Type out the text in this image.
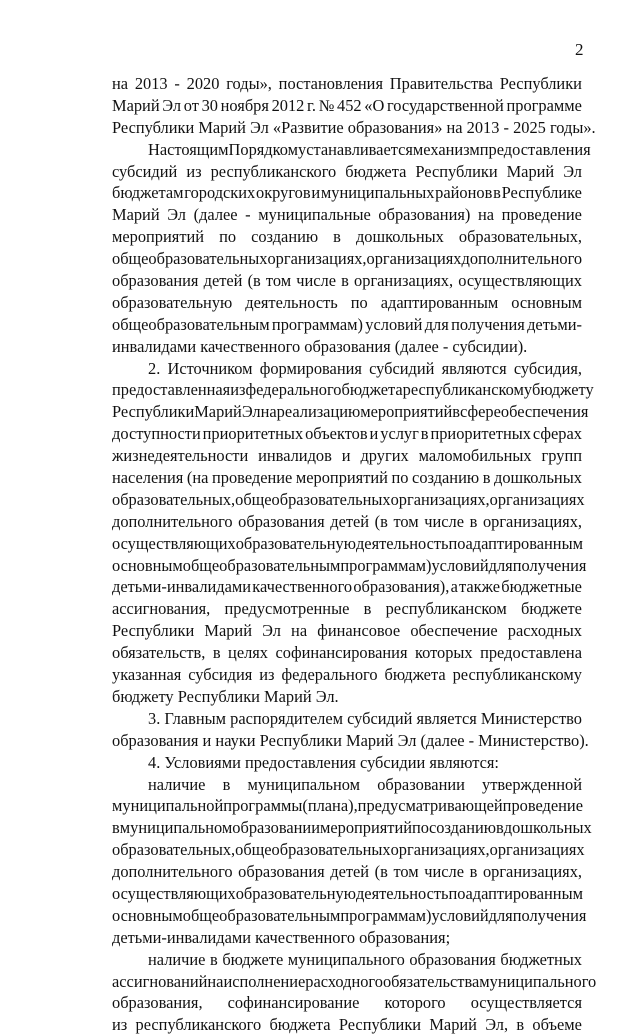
2
на 2013 - 2020 годы», постановления Правительства Республики
Марий Эл от 30 ноября 2012 г. № 452 «О государственной программе
Республики Марий Эл «Развитие образования» на 2013 - 2025 годы».
Настоящим Порядком устанавливается механизм предоставления
субсидий из республиканского бюджета Республики Марий Эл
бюджетам городских округов и муниципальных районов в Республике
Марий Эл (далее - муниципальные образования) на проведение
мероприятий по созданию в дошкольных образовательных,
общеобразовательных организациях, организациях дополнительного
образования детей (в том числе в организациях, осуществляющих
образовательную деятельность по адаптированным основным
общеобразовательным программам) условий для получения детьми-
инвалидами качественного образования (далее - субсидии).
2. Источником формирования субсидий являются субсидия,
предоставленная из федерального бюджета республиканскому бюджету
Республики Марий Эл на реализацию мероприятий в сфере обеспечения
доступности приоритетных объектов и услуг в приоритетных сферах
жизнедеятельности инвалидов и других маломобильных групп
населения (на проведение мероприятий по созданию в дошкольных
образовательных, общеобразовательных организациях, организациях
дополнительного образования детей (в том числе в организациях,
осуществляющих образовательную деятельность по адаптированным
основным общеобразовательным программам) условий для получения
детьми-инвалидами качественного образования), а также бюджетные
ассигнования, предусмотренные в республиканском бюджете
Республики Марий Эл на финансовое обеспечение расходных
обязательств, в целях софинансирования которых предоставлена
указанная субсидия из федерального бюджета республиканскому
бюджету Республики Марий Эл.
3. Главным распорядителем субсидий является Министерство
образования и науки Республики Марий Эл (далее - Министерство).
4. Условиями предоставления субсидии являются:
наличие в муниципальном образовании утвержденной
муниципальной программы (плана), предусматривающей проведение
в муниципальном образовании мероприятий по созданию в дошкольных
образовательных, общеобразовательных организациях, организациях
дополнительного образования детей (в том числе в организациях,
осуществляющих образовательную деятельность по адаптированным
основным общеобразовательным программам) условий для получения
детьми-инвалидами качественного образования;
наличие в бюджете муниципального образования бюджетных
ассигнований на исполнение расходного обязательства муниципального
образования, софинансирование которого осуществляется
из республиканского бюджета Республики Марий Эл, в объеме
